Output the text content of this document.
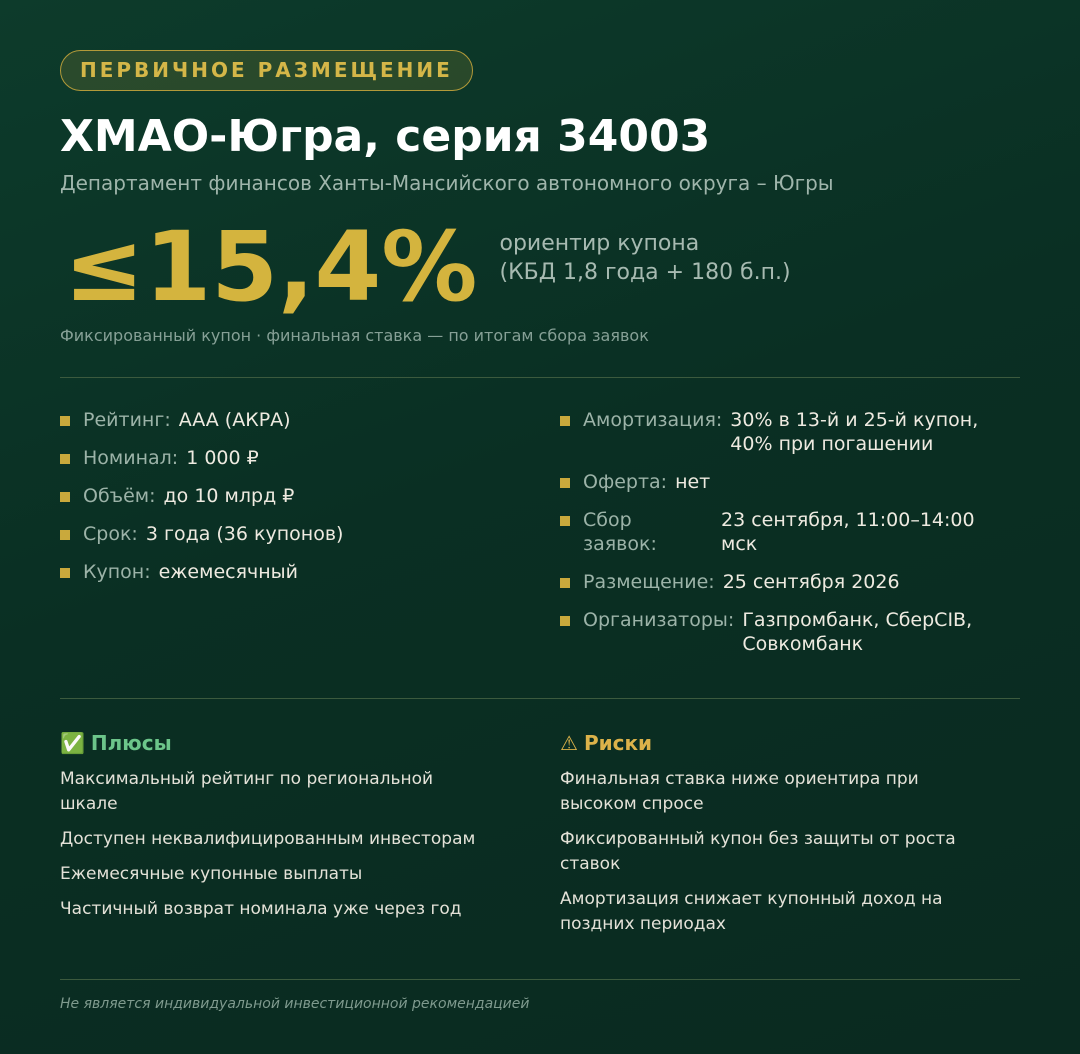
ПЕРВИЧНОЕ РАЗМЕЩЕНИЕ
ХМАО-Югра, серия 34003
Департамент финансов Ханты-Мансийского автономного округа – Югры
≤15,4% ориентир купона
(КБД 1,8 года + 180 б.п.)
Фиксированный купон · финальная ставка — по итогам сбора заявок
Рейтинг: AAA (АКРА)
Номинал: 1 000 ₽
Объём: до 10 млрд ₽
Срок: 3 года (36 купонов)
Купон: ежемесячный
Амортизация: 30% в 13-й и 25-й купон,
40% при погашении
Оферта: нет
Сбор
заявок:
23 сентября, 11:00–14:00
мск
Размещение: 25 сентября 2026
Организаторы: Газпромбанк, СберCIB,
Совкомбанк
✅ Плюсы
Максимальный рейтинг по региональной шкале
Доступен неквалифицированным инвесторам
Ежемесячные купонные выплаты
Частичный возврат номинала уже через год
⚠ Риски
Финальная ставка ниже ориентира при высоком спросе
Фиксированный купон без защиты от роста ставок
Амортизация снижает купонный доход на поздних периодах
Не является индивидуальной инвестиционной рекомендацией
